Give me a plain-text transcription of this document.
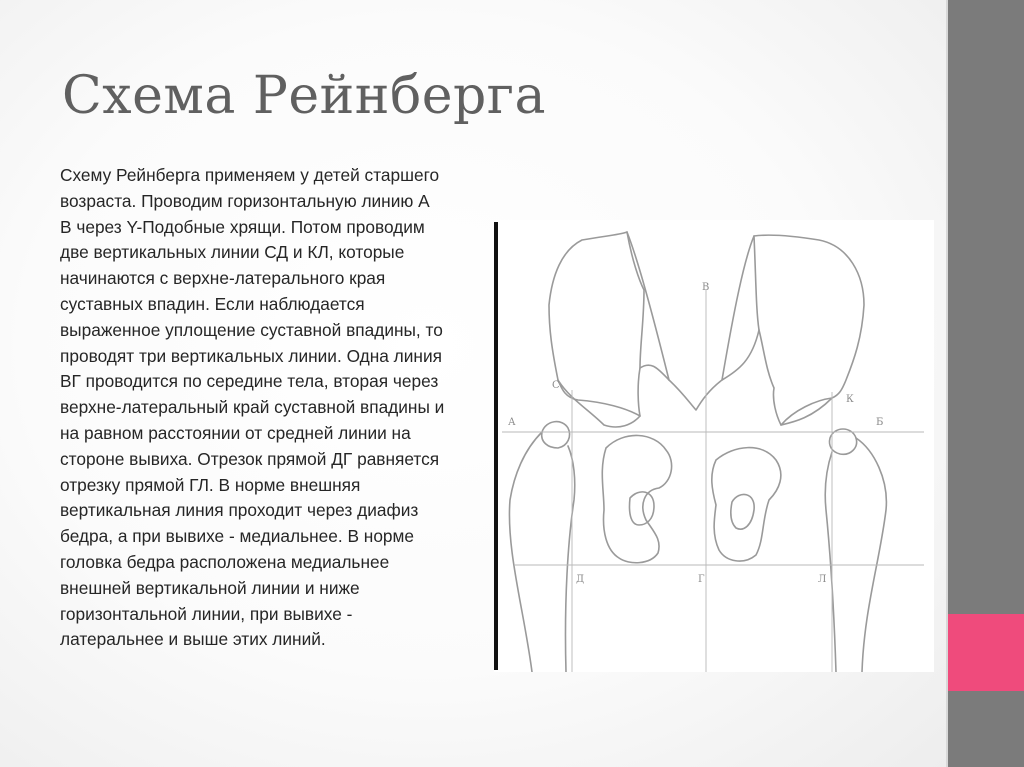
Схема Рейнберга

Схему Рейнберга применяем у детей старшего возраста. Проводим горизонтальную линию А В через Y-Подобные хрящи. Потом проводим две вертикальных линии СД и КЛ, которые начинаются с верхне-латерального края суставных впадин. Если наблюдается выраженное уплощение суставной впадины, то проводят три вертикальных линии. Одна линия ВГ проводится по середине тела, вторая через верхне-латеральный край суставной впадины и на равном расстоянии от средней линии на стороне вывиха. Отрезок прямой ДГ равняется отрезку прямой ГЛ. В норме внешняя вертикальная линия проходит через диафиз бедра, а при вывихе - медиальнее. В норме головка бедра расположена медиальнее внешней вертикальной линии и ниже горизонтальной линии, при вывихе - латеральнее и выше этих линий.

А	Б
В
С
К
Д	Г	Л
